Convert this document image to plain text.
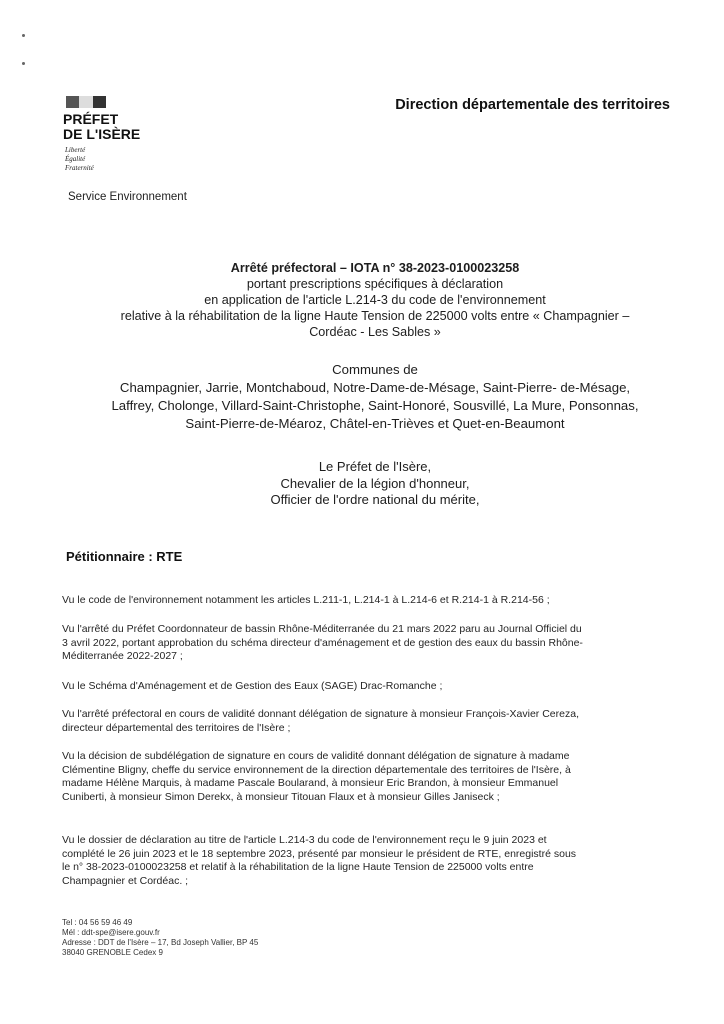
PRÉFET
DE L'ISÈRE
Liberté
Égalité
Fraternité
Direction départementale des territoires
Service Environnement
Arrêté préfectoral – IOTA n° 38-2023-0100023258
portant prescriptions spécifiques à déclaration
en application de l'article L.214-3 du code de l'environnement
relative à la réhabilitation de la ligne Haute Tension de 225000 volts entre « Champagnier –
Cordéac - Les Sables »
Communes de
Champagnier, Jarrie, Montchaboud, Notre-Dame-de-Mésage, Saint-Pierre- de-Mésage,
Laffrey, Cholonge, Villard-Saint-Christophe, Saint-Honoré, Sousvillé, La Mure, Ponsonnas,
Saint-Pierre-de-Méaroz, Châtel-en-Trièves et Quet-en-Beaumont
Le Préfet de l'Isère,
Chevalier de la légion d'honneur,
Officier de l'ordre national du mérite,
Pétitionnaire : RTE
Vu le code de l'environnement notamment les articles L.211-1, L.214-1 à L.214-6 et R.214-1 à R.214-56 ;
Vu l'arrêté du Préfet Coordonnateur de bassin Rhône-Méditerranée du 21 mars 2022 paru au Journal Officiel du
3 avril 2022, portant approbation du schéma directeur d'aménagement et de gestion des eaux du bassin Rhône-
Méditerranée 2022-2027 ;
Vu le Schéma d'Aménagement et de Gestion des Eaux (SAGE) Drac-Romanche ;
Vu l'arrêté préfectoral en cours de validité donnant délégation de signature à monsieur François-Xavier Cereza,
directeur départemental des territoires de l'Isère ;
Vu la décision de subdélégation de signature en cours de validité donnant délégation de signature à madame
Clémentine Bligny, cheffe du service environnement de la direction départementale des territoires de l'Isère, à
madame Hélène Marquis, à madame Pascale Boularand, à monsieur Eric Brandon, à monsieur Emmanuel
Cuniberti, à monsieur Simon Derekx, à monsieur Titouan Flaux et à monsieur Gilles Janiseck ;
Vu le dossier de déclaration au titre de l'article L.214-3 du code de l'environnement reçu le 9 juin 2023 et
complété le 26 juin 2023 et le 18 septembre 2023, présenté par monsieur le président de RTE, enregistré sous
le n° 38-2023-0100023258 et relatif à la réhabilitation de la ligne Haute Tension de 225000 volts entre
Champagnier et Cordéac. ;
Tel : 04 56 59 46 49
Mél : ddt-spe@isere.gouv.fr
Adresse : DDT de l'Isère – 17, Bd Joseph Vallier, BP 45
38040 GRENOBLE Cedex 9
